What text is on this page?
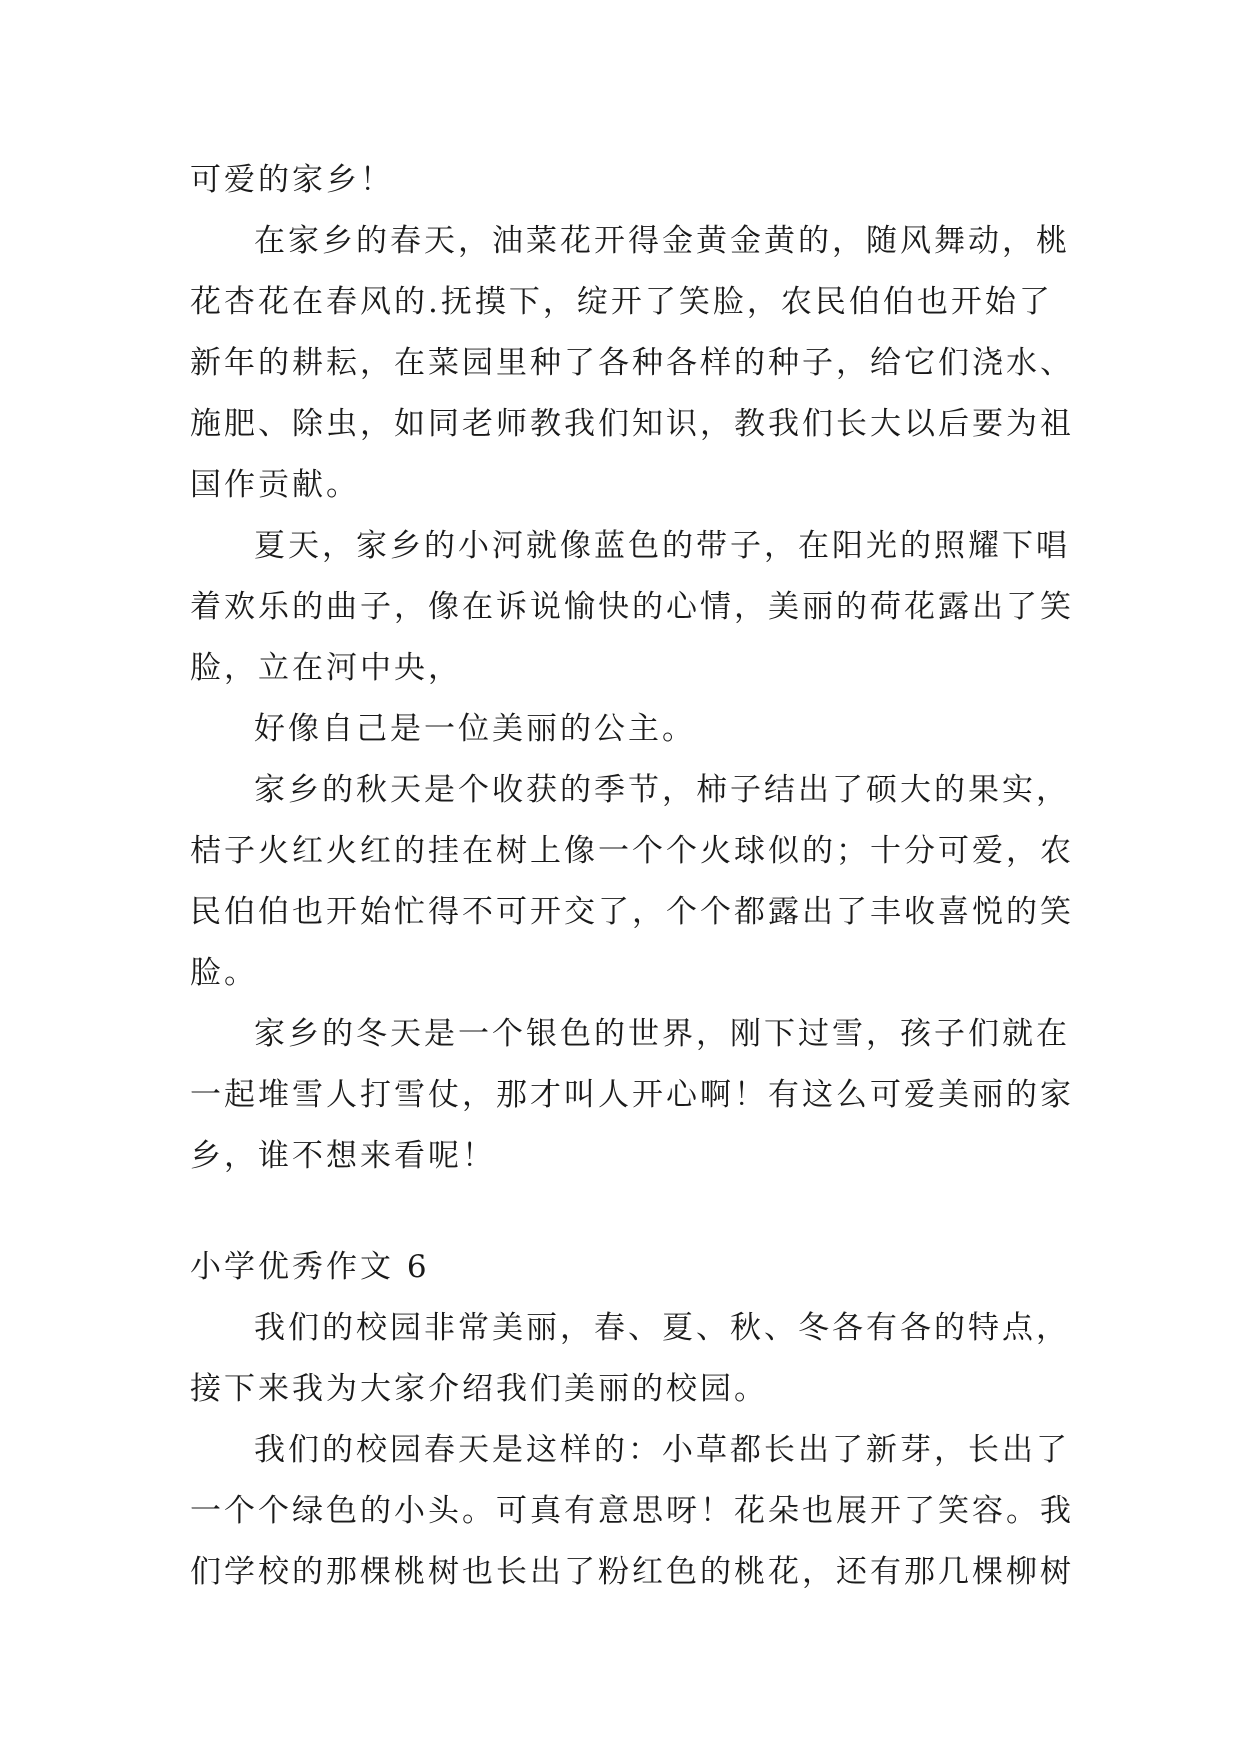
可爱的家乡！

在家乡的春天，油菜花开得金黄金黄的，随风舞动，桃

花杏花在春风的.抚摸下，绽开了笑脸，农民伯伯也开始了

新年的耕耘，在菜园里种了各种各样的种子，给它们浇水、

施肥、除虫，如同老师教我们知识，教我们长大以后要为祖

国作贡献。

夏天，家乡的小河就像蓝色的带子，在阳光的照耀下唱

着欢乐的曲子，像在诉说愉快的心情，美丽的荷花露出了笑

脸，立在河中央，

好像自己是一位美丽的公主。

家乡的秋天是个收获的季节，柿子结出了硕大的果实，

桔子火红火红的挂在树上像一个个火球似的；十分可爱，农

民伯伯也开始忙得不可开交了，个个都露出了丰收喜悦的笑

脸。

家乡的冬天是一个银色的世界，刚下过雪，孩子们就在

一起堆雪人打雪仗，那才叫人开心啊！有这么可爱美丽的家

乡，谁不想来看呢！

小学优秀作文 6

我们的校园非常美丽，春、夏、秋、冬各有各的特点，

接下来我为大家介绍我们美丽的校园。

我们的校园春天是这样的：小草都长出了新芽，长出了

一个个绿色的小头。可真有意思呀！花朵也展开了笑容。我

们学校的那棵桃树也长出了粉红色的桃花，还有那几棵柳树
